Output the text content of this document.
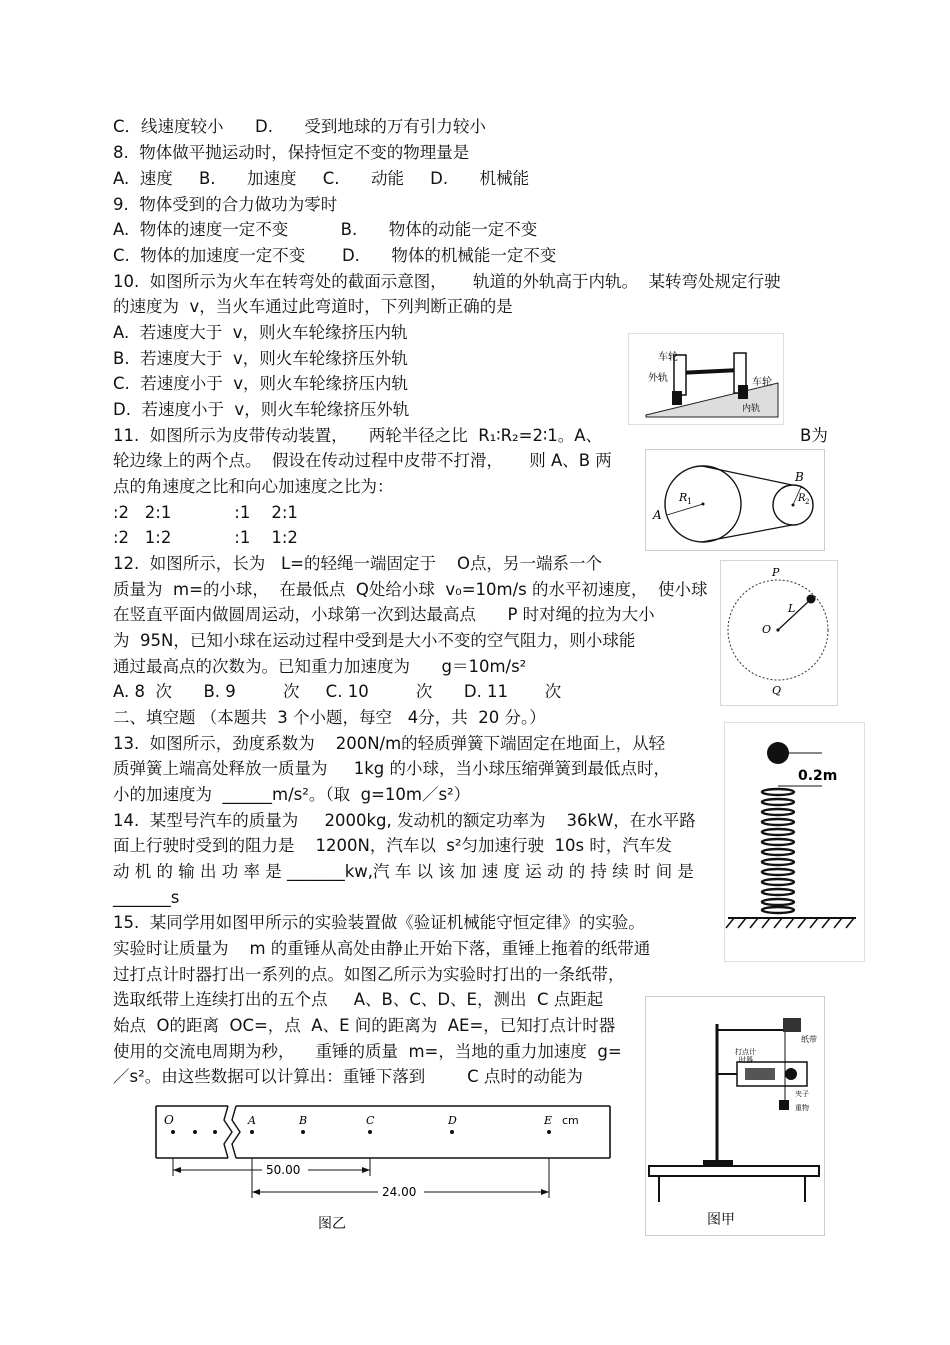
C．线速度较小      D.      受到地球的万有引力较小
8.  物体做平抛运动时，保持恒定不变的物理量是
A.  速度     B.      加速度     C.      动能     D.      机械能
9.  物体受到的合力做功为零时
A.  物体的速度一定不变          B.      物体的动能一定不变
C.  物体的加速度一定不变       D.      物体的机械能一定不变
10.  如图所示为火车在转弯处的截面示意图，     轨道的外轨高于内轨。  某转弯处规定行驶
的速度为  v，当火车通过此弯道时，下列判断正确的是
A.  若速度大于  v，则火车轮缘挤压内轨
B.  若速度大于  v，则火车轮缘挤压外轨
C.  若速度小于  v，则火车轮缘挤压内轨
D.  若速度小于  v，则火车轮缘挤压外轨
11.  如图所示为皮带传动装置，    两轮半径之比  R₁∶R₂=2∶1。A、	B为
轮边缘上的两个点。  假设在传动过程中皮带不打滑，     则 A、B 两
点的角速度之比和向心加速度之比为：
:2   2:1            :1    2:1
:2   1:2            :1    1:2
12.  如图所示，长为   L=的轻绳一端固定于    O点，另一端系一个
质量为  m=的小球，  在最低点  Q处给小球  v₀=10m/s 的水平初速度，  使小球
在竖直平面内做圆周运动，小球第一次到达最高点      P 时对绳的拉为大小
为  95N，已知小球在运动过程中受到是大小不变的空气阻力，则小球能
通过最高点的次数为。已知重力加速度为      g＝10m/s²
A. 8  次      B. 9         次     C. 10         次      D. 11       次
二、填空题 （本题共  3 个小题，每空   4分，共  20 分。）
13.  如图所示，劲度系数为    200N/m的轻质弹簧下端固定在地面上，从轻
质弹簧上端高处释放一质量为     1kg 的小球，当小球压缩弹簧到最低点时，
小的加速度为  ______m/s²。（取  g=10m／s²）
14.  某型号汽车的质量为     2000kg, 发动机的额定功率为    36kW，在水平路
面上行驶时受到的阻力是    1200N，汽车以  s²匀加速行驶  10s 时，汽车发
动 机 的 输 出 功 率 是 _______kw,汽 车 以 该 加 速 度 运 动 的 持 续 时 间 是
_______s
15.  某同学用如图甲所示的实验装置做《验证机械能守恒定律》的实验。
实验时让质量为    m 的重锤从高处由静止开始下落，重锤上拖着的纸带通
过打点计时器打出一系列的点。如图乙所示为实验时打出的一条纸带，
选取纸带上连续打出的五个点     A、B、C、D、E，测出  C 点距起
始点  O的距离  OC=，点  A、E 间的距离为  AE=，已知打点计时器
使用的交流电周期为秒，    重锤的质量  m=，当地的重力加速度  g=
／s²。由这些数据可以计算出：重锤下落到        C 点时的动能为
车轮
外轨	车轮
内轨
A
B
R 1	R 2
P
O
L
Q
0.2m
打点计
时器
纸带
夹子
重物
图甲
O	A	B	C	D	E cm
50.00
24.00
图乙
